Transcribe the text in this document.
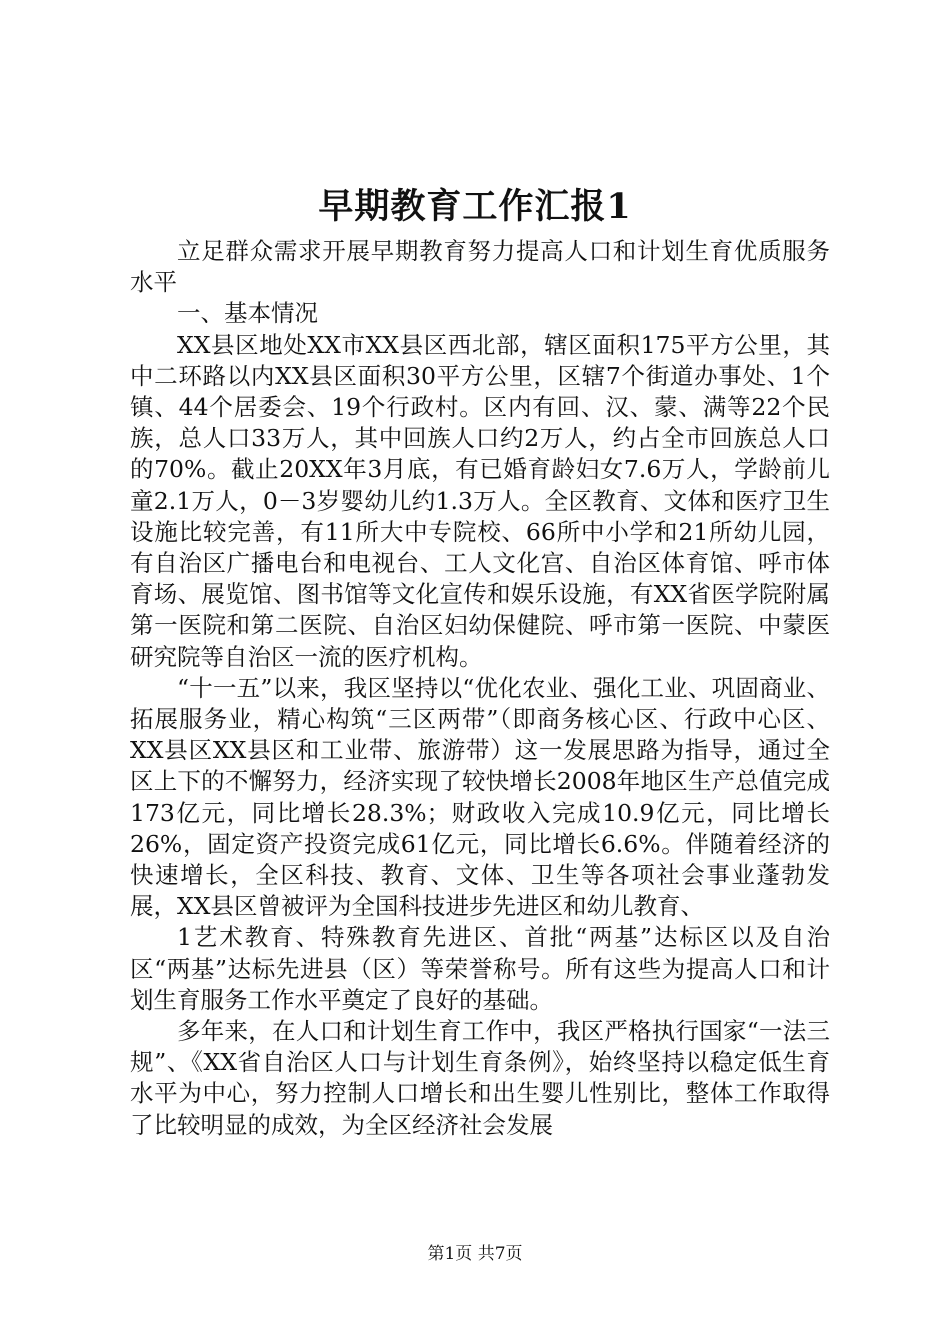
早期教育工作汇报1

立足群众需求开展早期教育努力提高人口和计划生育优质服务水平

一、基本情况

XX县区地处XX市XX县区西北部，辖区面积175平方公里，其中二环路以内XX县区面积30平方公里，区辖7个街道办事处、1个镇、44个居委会、19个行政村。区内有回、汉、蒙、满等22个民族，总人口33万人，其中回族人口约2万人，约占全市回族总人口的70%。截止20XX年3月底，有已婚育龄妇女7.6万人，学龄前儿童2.1万人，0－3岁婴幼儿约1.3万人。全区教育、文体和医疗卫生设施比较完善，有11所大中专院校、66所中小学和21所幼儿园，有自治区广播电台和电视台、工人文化宫、自治区体育馆、呼市体育场、展览馆、图书馆等文化宣传和娱乐设施，有XX省医学院附属第一医院和第二医院、自治区妇幼保健院、呼市第一医院、中蒙医研究院等自治区一流的医疗机构。

“十一五”以来，我区坚持以“优化农业、强化工业、巩固商业、拓展服务业，精心构筑“三区两带”（即商务核心区、行政中心区、XX县区XX县区和工业带、旅游带）这一发展思路为指导，通过全区上下的不懈努力，经济实现了较快增长2008年地区生产总值完成173亿元，同比增长28.3%；财政收入完成10.9亿元，同比增长26%，固定资产投资完成61亿元，同比增长6.6%。伴随着经济的快速增长，全区科技、教育、文体、卫生等各项社会事业蓬勃发展，XX县区曾被评为全国科技进步先进区和幼儿教育、

1艺术教育、特殊教育先进区、首批“两基”达标区以及自治区“两基”达标先进县（区）等荣誉称号。所有这些为提高人口和计划生育服务工作水平奠定了良好的基础。

多年来，在人口和计划生育工作中，我区严格执行国家“一法三规”、《XX省自治区人口与计划生育条例》，始终坚持以稳定低生育水平为中心，努力控制人口增长和出生婴儿性别比，整体工作取得了比较明显的成效，为全区经济社会发展

第1页 共7页
